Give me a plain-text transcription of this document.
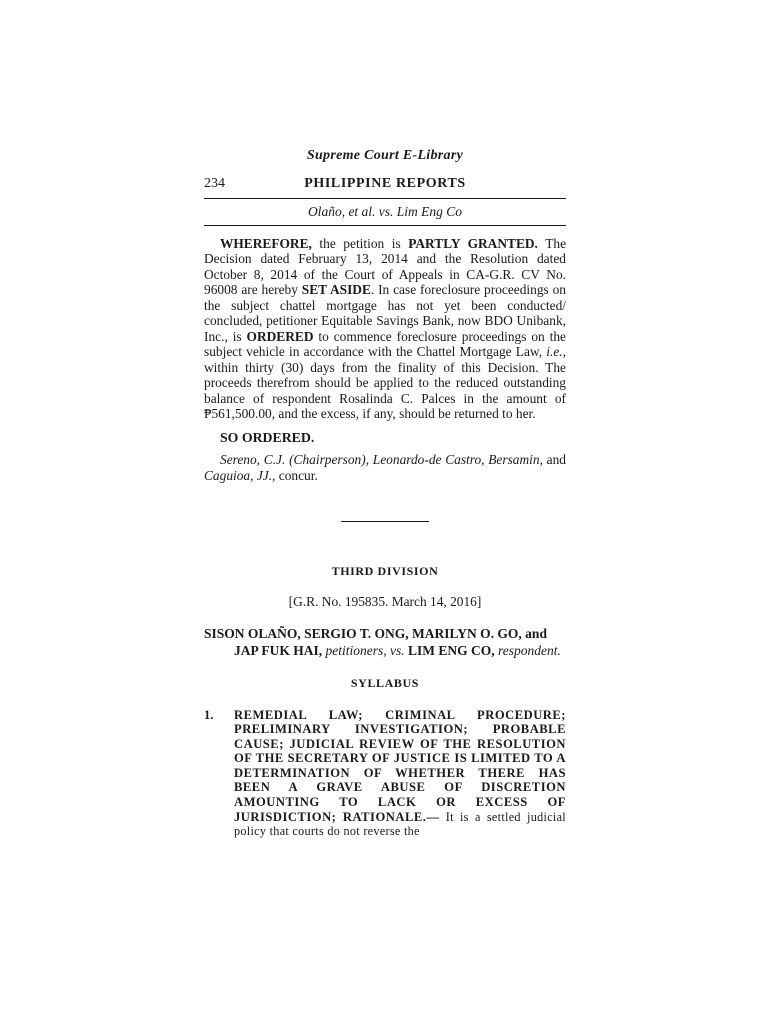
Supreme Court E-Library
234	PHILIPPINE REPORTS
Olaño, et al. vs. Lim Eng Co

WHEREFORE, the petition is PARTLY GRANTED. The Decision dated February 13, 2014 and the Resolution dated October 8, 2014 of the Court of Appeals in CA-G.R. CV No. 96008 are hereby SET ASIDE. In case foreclosure proceedings on the subject chattel mortgage has not yet been conducted/ concluded, petitioner Equitable Savings Bank, now BDO Unibank, Inc., is ORDERED to commence foreclosure proceedings on the subject vehicle in accordance with the Chattel Mortgage Law, i.e., within thirty (30) days from the finality of this Decision. The proceeds therefrom should be applied to the reduced outstanding balance of respondent Rosalinda C. Palces in the amount of ₱561,500.00, and the excess, if any, should be returned to her.

SO ORDERED.

Sereno, C.J. (Chairperson), Leonardo-de Castro, Bersamin, and Caguioa, JJ., concur.

THIRD DIVISION
[G.R. No. 195835. March 14, 2016]
SISON OLAÑO, SERGIO T. ONG, MARILYN O. GO, and JAP FUK HAI, petitioners, vs. LIM ENG CO, respondent.
SYLLABUS
1.	REMEDIAL LAW; CRIMINAL PROCEDURE; PRELIMINARY INVESTIGATION; PROBABLE CAUSE; JUDICIAL REVIEW OF THE RESOLUTION OF THE SECRETARY OF JUSTICE IS LIMITED TO A DETERMINATION OF WHETHER THERE HAS BEEN A GRAVE ABUSE OF DISCRETION AMOUNTING TO LACK OR EXCESS OF JURISDICTION; RATIONALE.— It is a settled judicial policy that courts do not reverse the
